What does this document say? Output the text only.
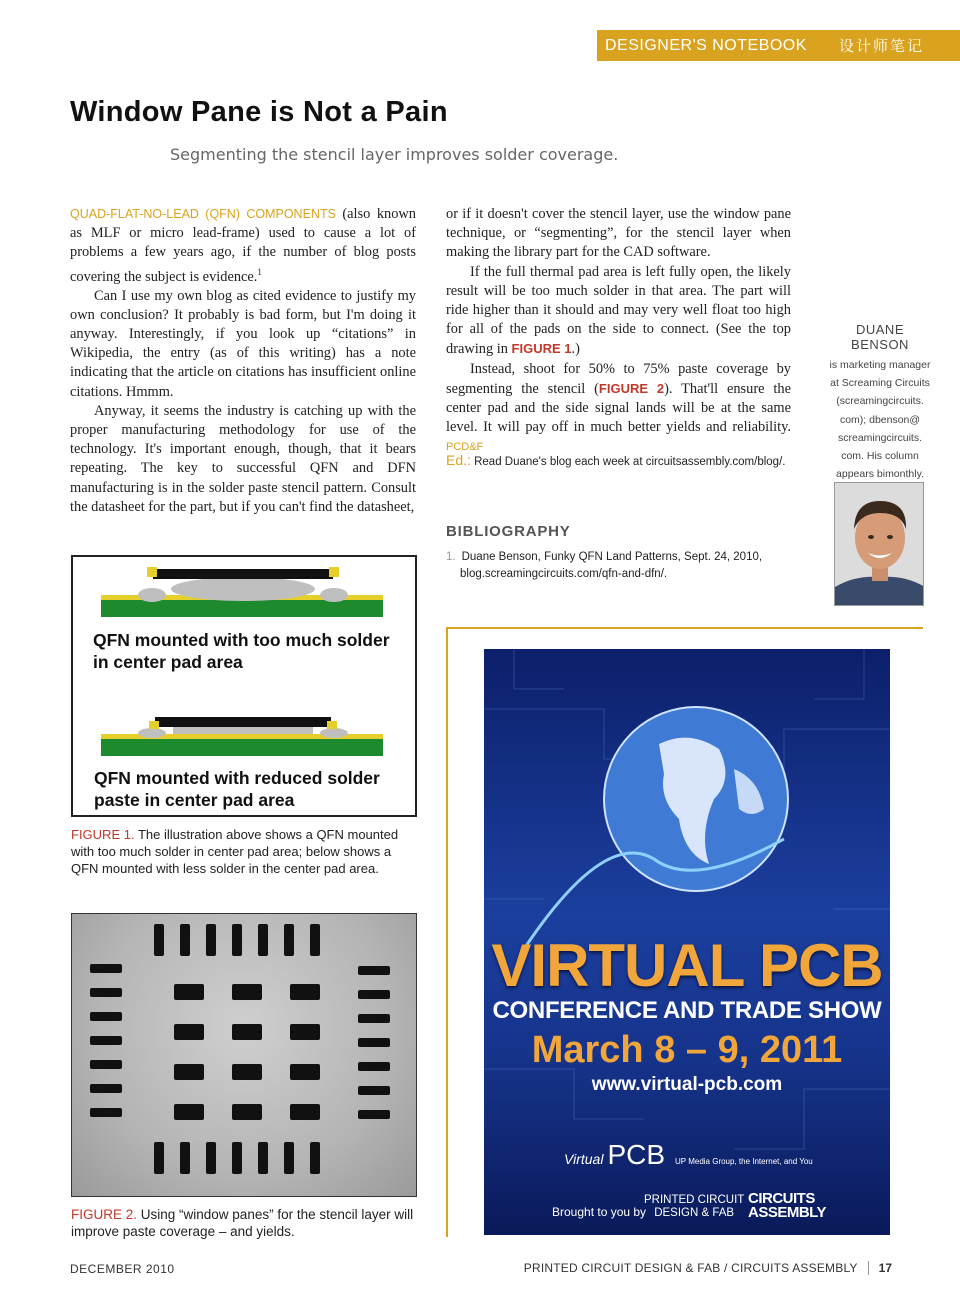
DESIGNER'S NOTEBOOK 设计师笔记
Window Pane is Not a Pain
Segmenting the stencil layer improves solder coverage.

QUAD-FLAT-NO-LEAD (QFN) COMPONENTS (also known as MLF or micro lead-frame) used to cause a lot of problems a few years ago, if the number of blog posts covering the subject is evidence.$^1$

Can I use my own blog as cited evidence to justify my own conclusion? It probably is bad form, but I'm doing it anyway. Interestingly, if you look up “citations” in Wikipedia, the entry (as of this writing) has a note indicating that the article on citations has insufficient online citations. Hmmm.

Anyway, it seems the industry is catching up with the proper manufacturing methodology for use of the technology. It's important enough, though, that it bears repeating. The key to successful QFN and DFN manufacturing is in the solder paste stencil pattern. Consult the datasheet for the part, but if you can't find the datasheet,

or if it doesn't cover the stencil layer, use the window pane technique, or “segmenting”, for the stencil layer when making the library part for the CAD software.

If the full thermal pad area is left fully open, the likely result will be too much solder in that area. The part will ride higher than it should and may very well float too high for all of the pads on the side to connect. (See the top drawing in FIGURE 1.)

Instead, shoot for 50% to 75% paste coverage by segmenting the stencil (FIGURE 2). That'll ensure the center pad and the side signal lands will be at the same level. It will pay off in much better yields and reliability. PCD&F

Ed.: Read Duane's blog each week at circuitsassembly.com/blog/.
BIBLIOGRAPHY
1. Duane Benson, Funky QFN Land Patterns, Sept. 24, 2010,
blog.screamingcircuits.com/qfn-and-dfn/.
DUANE BENSON
is marketing manager
at Screaming Circuits
(screamingcircuits.
com); dbenson@
screamingcircuits.
com. His column
appears bimonthly.
QFN mounted with too much solder
in center pad area
QFN mounted with reduced solder
paste in center pad area
FIGURE 1. The illustration above shows a QFN mounted with too much solder in center pad area; below shows a QFN mounted with less solder in the center pad area.
FIGURE 2. Using “window panes” for the stencil layer will improve paste coverage – and yields.
VIRTUAL PCB
CONFERENCE AND TRADE SHOW
March 8 – 9, 2011
www.virtual-pcb.com
Virtual PCB UP Media Group, the Internet, and You
Brought to you by
PRINTED CIRCUIT
DESIGN & FAB
CIRCUITS
ASSEMBLY
DECEMBER 2010	PRINTED CIRCUIT DESIGN & FAB / CIRCUITS ASSEMBLY 17
